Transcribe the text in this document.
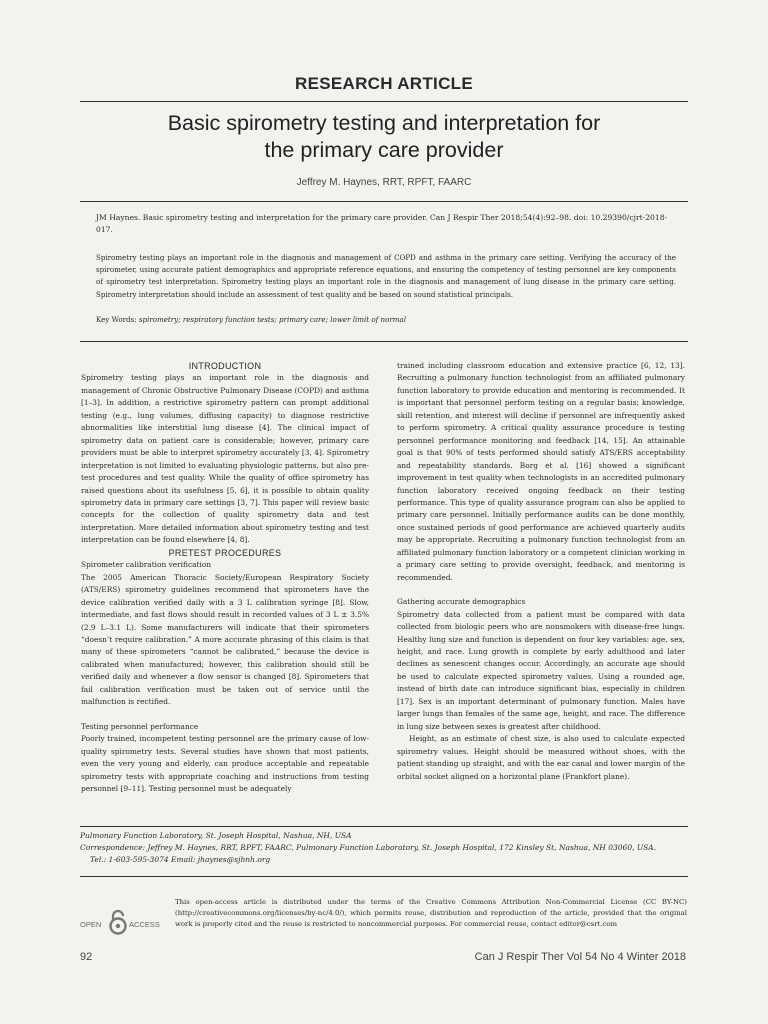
RESEARCH ARTICLE
Basic spirometry testing and interpretation for
the primary care provider
Jeffrey M. Haynes, RRT, RPFT, FAARC
JM Haynes. Basic spirometry testing and interpretation for the primary care provider. Can J Respir Ther 2018;54(4):92–98. doi: 10.29390/cjrt-2018-017.
Spirometry testing plays an important role in the diagnosis and management of COPD and asthma in the primary care setting. Verifying the accuracy of the spirometer, using accurate patient demographics and appropriate reference equations, and ensuring the competency of testing personnel are key components of spirometry test interpretation. Spirometry testing plays an important role in the diagnosis and management of lung disease in the primary care setting. Spirometry interpretation should include an assessment of test quality and be based on sound statistical principals.
Key Words: spirometry; respiratory function tests; primary care; lower limit of normal
INTRODUCTION

Spirometry testing plays an important role in the diagnosis and management of Chronic Obstructive Pulmonary Disease (COPD) and asthma [1–3]. In addition, a restrictive spirometry pattern can prompt additional testing (e.g., lung volumes, diffusing capacity) to diagnose restrictive abnormalities like interstitial lung disease [4]. The clinical impact of spirometry data on patient care is considerable; however, primary care providers must be able to interpret spirometry accurately [3, 4]. Spirometry interpretation is not limited to evaluating physiologic patterns, but also pre-test procedures and test quality. While the quality of office spirometry has raised questions about its usefulness [5, 6], it is possible to obtain quality spirometry data in primary care settings [3, 7]. This paper will review basic concepts for the collection of quality spirometry data and test interpretation. More detailed information about spirometry testing and test interpretation can be found elsewhere [4, 8].

PRETEST PROCEDURES
Spirometer calibration verification

The 2005 American Thoracic Society/European Respiratory Society (ATS/ERS) spirometry guidelines recommend that spirometers have the device calibration verified daily with a 3 L calibration syringe [8]. Slow, intermediate, and fast flows should result in recorded values of 3 L ± 3.5% (2.9 L–3.1 L). Some manufacturers will indicate that their spirometers “doesn’t require calibration.” A more accurate phrasing of this claim is that many of these spirometers “cannot be calibrated,” because the device is calibrated when manufactured; however, this calibration should still be verified daily and whenever a flow sensor is changed [8]. Spirometers that fail calibration verification must be taken out of service until the malfunction is rectified.

Testing personnel performance

Poorly trained, incompetent testing personnel are the primary cause of low-quality spirometry tests. Several studies have shown that most patients, even the very young and elderly, can produce acceptable and repeatable spirometry tests with appropriate coaching and instructions from testing personnel [9–11]. Testing personnel must be adequately

trained including classroom education and extensive practice [6, 12, 13]. Recruiting a pulmonary function technologist from an affiliated pulmonary function laboratory to provide education and mentoring is recommended. It is important that personnel perform testing on a regular basis; knowledge, skill retention, and interest will decline if personnel are infrequently asked to perform spirometry. A critical quality assurance procedure is testing personnel performance monitoring and feedback [14, 15]. An attainable goal is that 90% of tests performed should satisfy ATS/ERS acceptability and repeatability standards. Borg et al. [16] showed a significant improvement in test quality when technologists in an accredited pulmonary function laboratory received ongoing feedback on their testing performance. This type of quality assurance program can also be applied to primary care personnel. Initially performance audits can be done monthly, once sustained periods of good performance are achieved quarterly audits may be appropriate. Recruiting a pulmonary function technologist from an affiliated pulmonary function laboratory or a competent clinician working in a primary care setting to provide oversight, feedback, and mentoring is recommended.

Gathering accurate demographics

Spirometry data collected from a patient must be compared with data collected from biologic peers who are nonsmokers with disease-free lungs. Healthy lung size and function is dependent on four key variables: age, sex, height, and race. Lung growth is complete by early adulthood and later declines as senescent changes occur. Accordingly, an accurate age should be used to calculate expected spirometry values. Using a rounded age, instead of birth date can introduce significant bias, especially in children [17]. Sex is an important determinant of pulmonary function. Males have larger lungs than females of the same age, height, and race. The difference in lung size between sexes is greatest after childhood.

Height, as an estimate of chest size, is also used to calculate expected spirometry values. Height should be measured without shoes, with the patient standing up straight, and with the ear canal and lower margin of the orbital socket aligned on a horizontal plane (Frankfort plane).

Pulmonary Function Laboratory, St. Joseph Hospital, Nashua, NH, USA
Correspondence: Jeffrey M. Haynes, RRT, RPFT, FAARC, Pulmonary Function Laboratory, St. Joseph Hospital, 172 Kinsley St, Nashua, NH 03060, USA.
Tel.: 1-603-595-3074 Email: jhaynes@sjhnh.org
OPEN	ACCESS
This open-access article is distributed under the terms of the Creative Commons Attribution Non-Commercial License (CC BY-NC) (http://creativecommons.org/licenses/by-nc/4.0/), which permits reuse, distribution and reproduction of the article, provided that the original work is properly cited and the reuse is restricted to noncommercial purposes. For commercial reuse, contact editor@csrt.com
92	Can J Respir Ther Vol 54 No 4 Winter 2018
